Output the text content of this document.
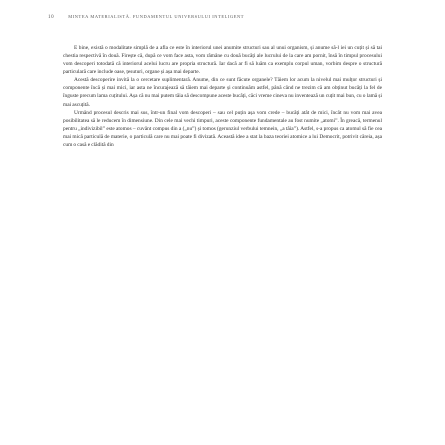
10	MINTEA MATERIALISTĂ. FUNDAMENTUL UNIVERSULUI INTELIGENT

E bine, există o modalitate simplă de a afla ce este în interiorul unei anumite structuri sau al unui organism, și anume să-l iei un cuțit și să tai chestia respectivă în două. Firește că, după ce vom face asta, vom rămâne cu două bucăți ale lucrului de la care am pornit, însă în timpul procesului vom descoperi totodată că interiorul acelui lucru are propria structură. Iar dacă ar fi să luăm ca exemplu corpul uman, vorbim despre o structură particulară care include oase, țesuturi, organe și așa mai departe.

Acestă descoperire invită la o cercetare suplimentară. Anume, din ce sunt făcute organele? Tăiem lor acum la nivelul mai mulțor structuri și componente încă și mai mici, iar asta ne încurajează să tăiem mai departe și continuăm astfel, până când ne trezim că am obținut bucăți la fel de înguste precum lama cuțitului. Așa că nu mai putem tăia să descompune aceste bucăți, căci vreme cineva nu inventează un cuțit mai bun, cu o lamă și mai ascuțită.

Urmând procesul descris mai sus, într-un final vom descoperi – sau cel puțin așa vom crede – bucăți atât de mici, încât nu vom mai avea posibilitatea să le reducem în dimensiune. Din cele mai vechi timpuri, aceste componente fundamentale au fost numite „atomi”. În greacă, termenul pentru „indivizibil” este atomos – cuvânt compus din a („nu”) și tomos (gerunziul verbului temnein, „a tăia”). Astfel, s-a propus ca atomul să fie cea mai mică particulă de materie, o particulă care nu mai poate fi divizată. Această idee a stat la baza teoriei atomice a lui Democrit, potrivit căreia, așa cum o casă e clădită din
